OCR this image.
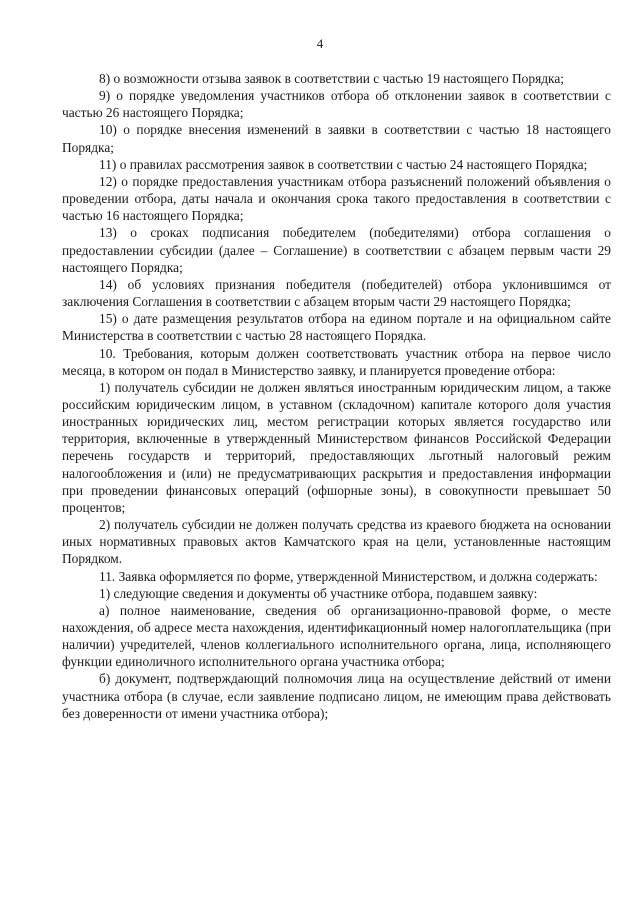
4

8) о возможности отзыва заявок в соответствии с частью 19 настоящего Порядка;

9) о порядке уведомления участников отбора об отклонении заявок в соответствии с частью 26 настоящего Порядка;

10) о порядке внесения изменений в заявки в соответствии с частью 18 настоящего Порядка;

11) о правилах рассмотрения заявок в соответствии с частью 24 настоящего Порядка;

12) о порядке предоставления участникам отбора разъяснений положений объявления о проведении отбора, даты начала и окончания срока такого предоставления в соответствии с частью 16 настоящего Порядка;

13) о сроках подписания победителем (победителями) отбора соглашения о предоставлении субсидии (далее – Соглашение) в соответствии с абзацем первым части 29 настоящего Порядка;

14) об условиях признания победителя (победителей) отбора уклонившимся от заключения Соглашения в соответствии с абзацем вторым части 29 настоящего Порядка;

15) о дате размещения результатов отбора на едином портале и на официальном сайте Министерства в соответствии с частью 28 настоящего Порядка.

10. Требования, которым должен соответствовать участник отбора на первое число месяца, в котором он подал в Министерство заявку, и планируется проведение отбора:

1) получатель субсидии не должен являться иностранным юридическим лицом, а также российским юридическим лицом, в уставном (складочном) капитале которого доля участия иностранных юридических лиц, местом регистрации которых является государство или территория, включенные в утвержденный Министерством финансов Российской Федерации перечень государств и территорий, предоставляющих льготный налоговый режим налогообложения и (или) не предусматривающих раскрытия и предоставления информации при проведении финансовых операций (офшорные зоны), в совокупности превышает 50 процентов;

2) получатель субсидии не должен получать средства из краевого бюджета на основании иных нормативных правовых актов Камчатского края на цели, установленные настоящим Порядком.

11. Заявка оформляется по форме, утвержденной Министерством, и должна содержать:

1) следующие сведения и документы об участнике отбора, подавшем заявку:

а) полное наименование, сведения об организационно-правовой форме, о месте нахождения, об адресе места нахождения, идентификационный номер налогоплательщика (при наличии) учредителей, членов коллегиального исполнительного органа, лица, исполняющего функции единоличного исполнительного органа участника отбора;

б) документ, подтверждающий полномочия лица на осуществление действий от имени участника отбора (в случае, если заявление подписано лицом, не имеющим права действовать без доверенности от имени участника отбора);
